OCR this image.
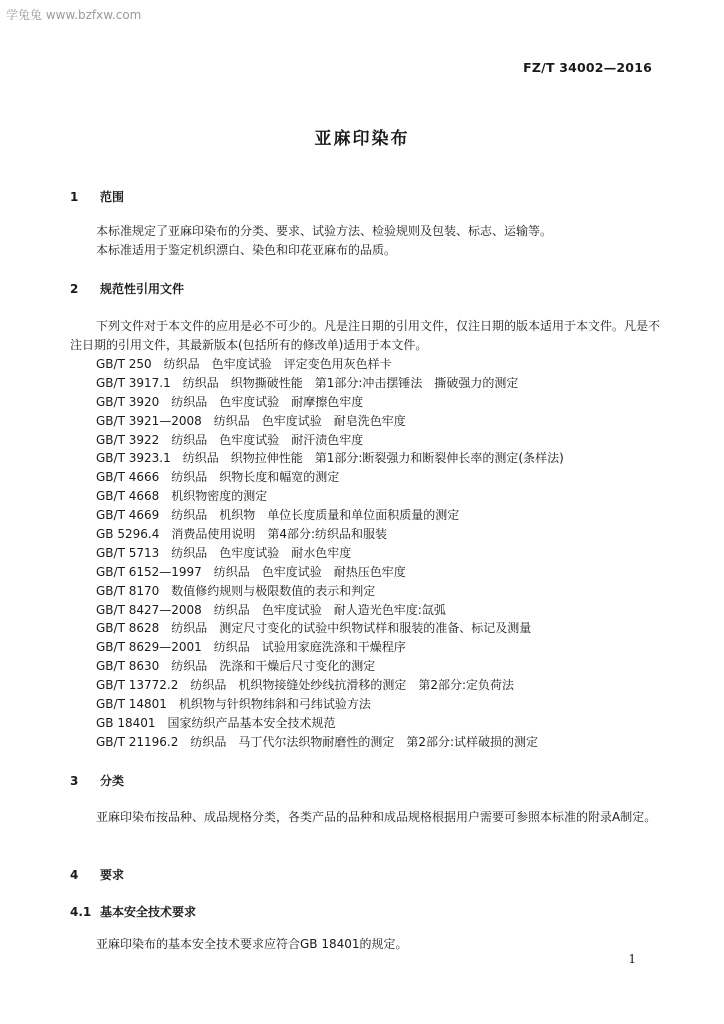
学兔兔 www.bzfxw.com
FZ/T 34002—2016
亚麻印染布
1 范围
本标准规定了亚麻印染布的分类、要求、试验方法、检验规则及包装、标志、运输等。
本标准适用于鉴定机织漂白、染色和印花亚麻布的品质。
2 规范性引用文件
下列文件对于本文件的应用是必不可少的。凡是注日期的引用文件，仅注日期的版本适用于本文件。凡是不注日期的引用文件，其最新版本(包括所有的修改单)适用于本文件。
GB/T 250　纺织品　色牢度试验　评定变色用灰色样卡
GB/T 3917.1　纺织品　织物撕破性能　第1部分:冲击摆锤法　撕破强力的测定
GB/T 3920　纺织品　色牢度试验　耐摩擦色牢度
GB/T 3921—2008　纺织品　色牢度试验　耐皂洗色牢度
GB/T 3922　纺织品　色牢度试验　耐汗渍色牢度
GB/T 3923.1　纺织品　织物拉伸性能　第1部分:断裂强力和断裂伸长率的测定(条样法)
GB/T 4666　纺织品　织物长度和幅宽的测定
GB/T 4668　机织物密度的测定
GB/T 4669　纺织品　机织物　单位长度质量和单位面积质量的测定
GB 5296.4　消费品使用说明　第4部分:纺织品和服装
GB/T 5713　纺织品　色牢度试验　耐水色牢度
GB/T 6152—1997　纺织品　色牢度试验　耐热压色牢度
GB/T 8170　数值修约规则与极限数值的表示和判定
GB/T 8427—2008　纺织品　色牢度试验　耐人造光色牢度:氙弧
GB/T 8628　纺织品　测定尺寸变化的试验中织物试样和服装的准备、标记及测量
GB/T 8629—2001　纺织品　试验用家庭洗涤和干燥程序
GB/T 8630　纺织品　洗涤和干燥后尺寸变化的测定
GB/T 13772.2　纺织品　机织物接缝处纱线抗滑移的测定　第2部分:定负荷法
GB/T 14801　机织物与针织物纬斜和弓纬试验方法
GB 18401　国家纺织产品基本安全技术规范
GB/T 21196.2　纺织品　马丁代尔法织物耐磨性的测定　第2部分:试样破损的测定
3 分类
亚麻印染布按品种、成品规格分类，各类产品的品种和成品规格根据用户需要可参照本标准的附录A制定。
4 要求
4.1 基本安全技术要求
亚麻印染布的基本安全技术要求应符合GB 18401的规定。
1
